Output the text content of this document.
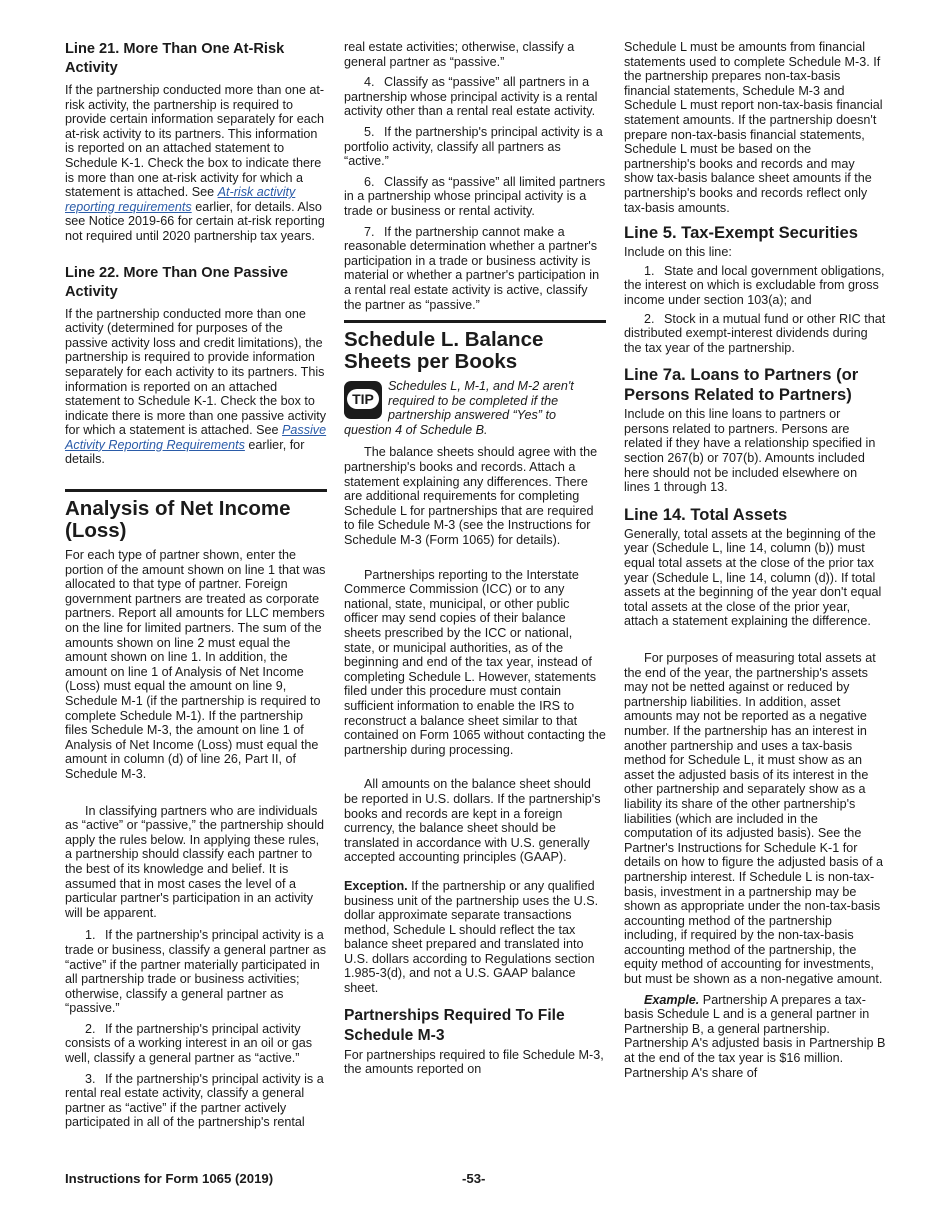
Line 21. More Than One At-Risk Activity

If the partnership conducted more than one at-risk activity, the partnership is required to provide certain information separately for each at-risk activity to its partners. This information is reported on an attached statement to Schedule K-1. Check the box to indicate there is more than one at-risk activity for which a statement is attached. See At-risk activity reporting requirements earlier, for details. Also see Notice 2019-66 for certain at-risk reporting not required until 2020 partnership tax years.

Line 22. More Than One Passive Activity

If the partnership conducted more than one activity (determined for purposes of the passive activity loss and credit limitations), the partnership is required to provide information separately for each activity to its partners. This information is reported on an attached statement to Schedule K-1. Check the box to indicate there is more than one passive activity for which a statement is attached. See Passive Activity Reporting Requirements earlier, for details.

Analysis of Net Income (Loss)

For each type of partner shown, enter the portion of the amount shown on line 1 that was allocated to that type of partner. Foreign government partners are treated as corporate partners. Report all amounts for LLC members on the line for limited partners. The sum of the amounts shown on line 2 must equal the amount shown on line 1. In addition, the amount on line 1 of Analysis of Net Income (Loss) must equal the amount on line 9, Schedule M-1 (if the partnership is required to complete Schedule M-1). If the partnership files Schedule M-3, the amount on line 1 of Analysis of Net Income (Loss) must equal the amount in column (d) of line 26, Part II, of Schedule M-3.

In classifying partners who are individuals as “active” or “passive,” the partnership should apply the rules below. In applying these rules, a partnership should classify each partner to the best of its knowledge and belief. It is assumed that in most cases the level of a particular partner's participation in an activity will be apparent.

1. If the partnership's principal activity is a trade or business, classify a general partner as “active” if the partner materially participated in all partnership trade or business activities; otherwise, classify a general partner as “passive.”

2. If the partnership's principal activity consists of a working interest in an oil or gas well, classify a general partner as “active.”

3. If the partnership's principal activity is a rental real estate activity, classify a general partner as “active” if the partner actively participated in all of the partnership's rental

real estate activities; otherwise, classify a general partner as “passive.”

4. Classify as “passive” all partners in a partnership whose principal activity is a rental activity other than a rental real estate activity.

5. If the partnership's principal activity is a portfolio activity, classify all partners as “active.”

6. Classify as “passive” all limited partners in a partnership whose principal activity is a trade or business or rental activity.

7. If the partnership cannot make a reasonable determination whether a partner's participation in a trade or business activity is material or whether a partner's participation in a rental real estate activity is active, classify the partner as “passive.”

Schedule L. Balance Sheets per Books
TIP
Schedules L, M-1, and M-2 aren't required to be completed if the partnership answered “Yes” to question 4 of Schedule B.

The balance sheets should agree with the partnership's books and records. Attach a statement explaining any differences. There are additional requirements for completing Schedule L for partnerships that are required to file Schedule M-3 (see the Instructions for Schedule M-3 (Form 1065) for details).

Partnerships reporting to the Interstate Commerce Commission (ICC) or to any national, state, municipal, or other public officer may send copies of their balance sheets prescribed by the ICC or national, state, or municipal authorities, as of the beginning and end of the tax year, instead of completing Schedule L. However, statements filed under this procedure must contain sufficient information to enable the IRS to reconstruct a balance sheet similar to that contained on Form 1065 without contacting the partnership during processing.

All amounts on the balance sheet should be reported in U.S. dollars. If the partnership's books and records are kept in a foreign currency, the balance sheet should be translated in accordance with U.S. generally accepted accounting principles (GAAP).

Exception. If the partnership or any qualified business unit of the partnership uses the U.S. dollar approximate separate transactions method, Schedule L should reflect the tax balance sheet prepared and translated into U.S. dollars according to Regulations section 1.985-3(d), and not a U.S. GAAP balance sheet.

Partnerships Required To File Schedule M-3

For partnerships required to file Schedule M-3, the amounts reported on

Schedule L must be amounts from financial statements used to complete Schedule M-3. If the partnership prepares non-tax-basis financial statements, Schedule M-3 and Schedule L must report non-tax-basis financial statement amounts. If the partnership doesn't prepare non-tax-basis financial statements, Schedule L must be based on the partnership's books and records and may show tax-basis balance sheet amounts if the partnership's books and records reflect only tax-basis amounts.

Line 5. Tax-Exempt Securities

Include on this line:

1. State and local government obligations, the interest on which is excludable from gross income under section 103(a); and

2. Stock in a mutual fund or other RIC that distributed exempt-interest dividends during the tax year of the partnership.

Line 7a. Loans to Partners (or Persons Related to Partners)

Include on this line loans to partners or persons related to partners. Persons are related if they have a relationship specified in section 267(b) or 707(b). Amounts included here should not be included elsewhere on lines 1 through 13.

Line 14. Total Assets

Generally, total assets at the beginning of the year (Schedule L, line 14, column (b)) must equal total assets at the close of the prior tax year (Schedule L, line 14, column (d)). If total assets at the beginning of the year don't equal total assets at the close of the prior year, attach a statement explaining the difference.

For purposes of measuring total assets at the end of the year, the partnership's assets may not be netted against or reduced by partnership liabilities. In addition, asset amounts may not be reported as a negative number. If the partnership has an interest in another partnership and uses a tax-basis method for Schedule L, it must show as an asset the adjusted basis of its interest in the other partnership and separately show as a liability its share of the other partnership's liabilities (which are included in the computation of its adjusted basis). See the Partner's Instructions for Schedule K-1 for details on how to figure the adjusted basis of a partnership interest. If Schedule L is non-tax-basis, investment in a partnership may be shown as appropriate under the non-tax-basis accounting method of the partnership including, if required by the non-tax-basis accounting method of the partnership, the equity method of accounting for investments, but must be shown as a non-negative amount.

Example. Partnership A prepares a tax-basis Schedule L and is a general partner in Partnership B, a general partnership. Partnership A's adjusted basis in Partnership B at the end of the tax year is $16 million. Partnership A's share of

Instructions for Form 1065 (2019)	-53-
